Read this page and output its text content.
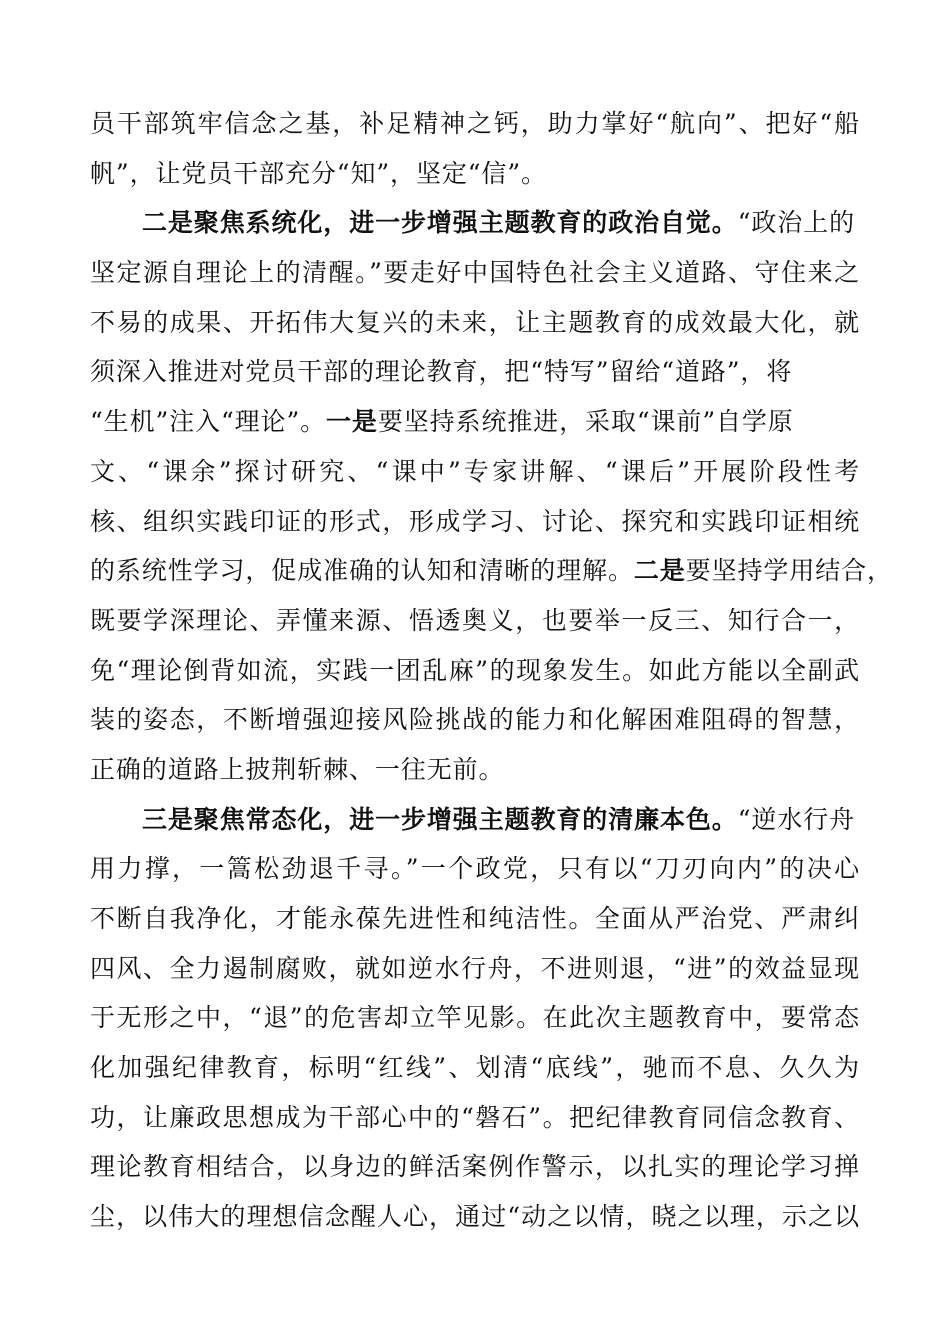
员干部筑牢信念之基，补足精神之钙，助力掌好“航向”、把好“船
帆”，让党员干部充分“知”，坚定“信”。
二是聚焦系统化，进一步增强主题教育的政治自觉。“政治上的
坚定源自理论上的清醒。”要走好中国特色社会主义道路、守住来之
不易的成果、开拓伟大复兴的未来，让主题教育的成效最大化，就
须深入推进对党员干部的理论教育，把“特写”留给“道路”，将
“生机”注入“理论”。一是要坚持系统推进，采取“课前”自学原
文、“课余”探讨研究、“课中”专家讲解、“课后”开展阶段性考
核、组织实践印证的形式，形成学习、讨论、探究和实践印证相统
的系统性学习，促成准确的认知和清晰的理解。二是要坚持学用结合，
既要学深理论、弄懂来源、悟透奥义，也要举一反三、知行合一，
免“理论倒背如流，实践一团乱麻”的现象发生。如此方能以全副武
装的姿态，不断增强迎接风险挑战的能力和化解困难阻碍的智慧，
正确的道路上披荆斩棘、一往无前。
三是聚焦常态化，进一步增强主题教育的清廉本色。“逆水行舟
用力撑，一篙松劲退千寻。”一个政党，只有以“刀刃向内”的决心
不断自我净化，才能永葆先进性和纯洁性。全面从严治党、严肃纠
四风、全力遏制腐败，就如逆水行舟，不进则退，“进”的效益显现
于无形之中，“退”的危害却立竿见影。在此次主题教育中，要常态
化加强纪律教育，标明“红线”、划清“底线”，驰而不息、久久为
功，让廉政思想成为干部心中的“磐石”。把纪律教育同信念教育、
理论教育相结合，以身边的鲜活案例作警示，以扎实的理论学习掸
尘，以伟大的理想信念醒人心，通过“动之以情，晓之以理，示之以
